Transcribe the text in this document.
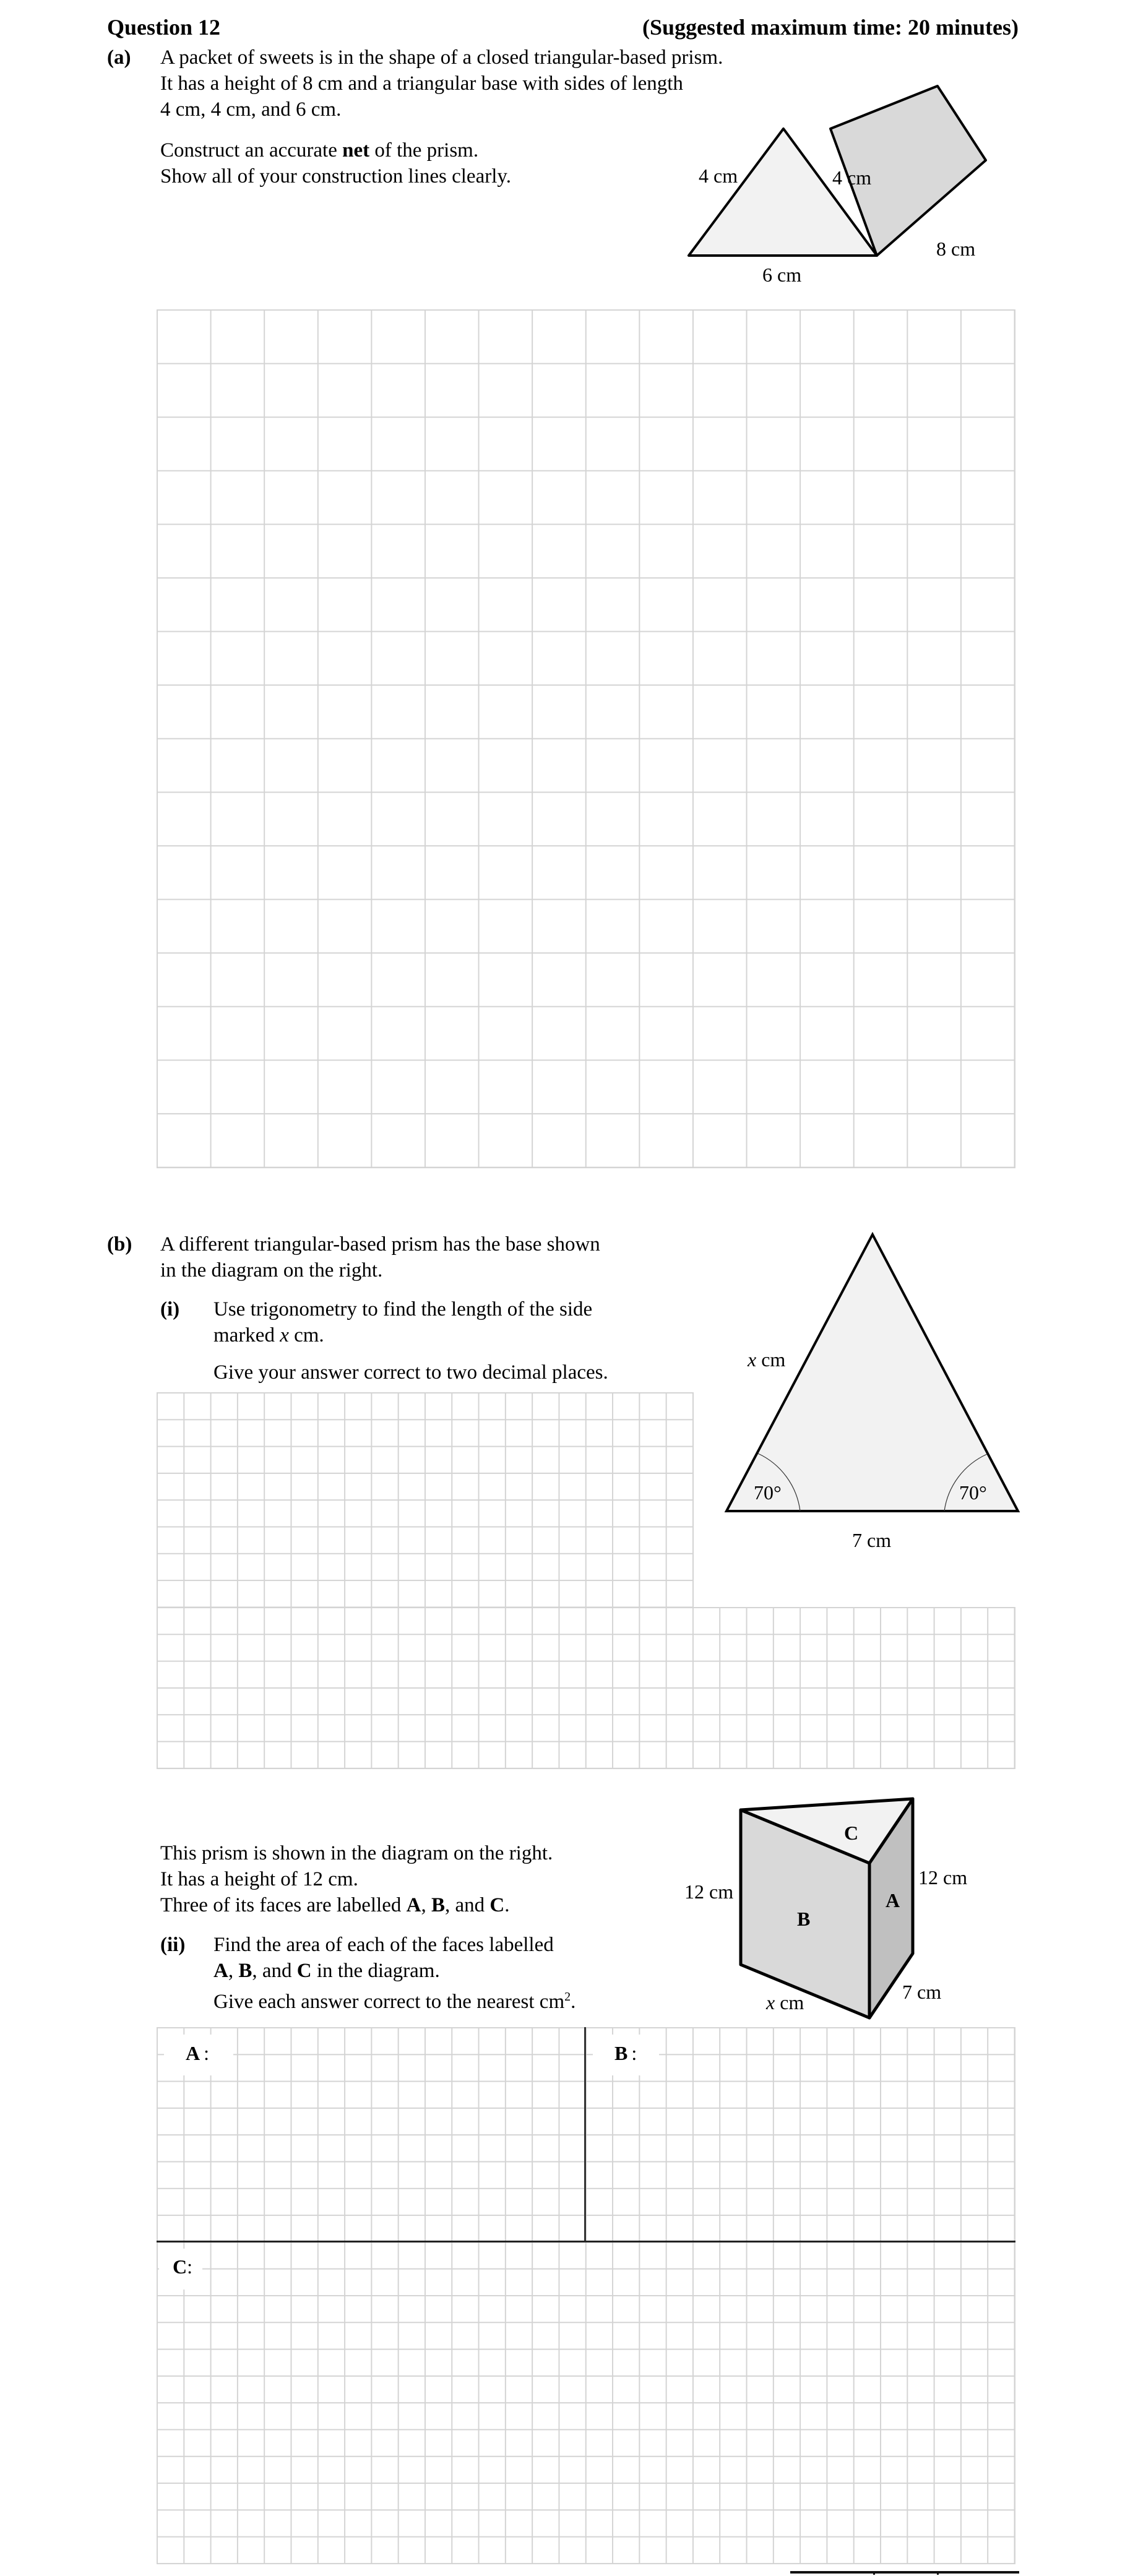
Question 12	(Suggested maximum time: 20 minutes)
(a) A packet of sweets is in the shape of a closed triangular-based prism.
It has a height of 8 cm and a triangular base with sides of length
4 cm, 4 cm, and 6 cm.
Construct an accurate net of the prism.
Show all of your construction lines clearly.	4 cm	4 cm
6 cm
8 cm
(b) A different triangular-based prism has the base shown
in the diagram on the right.
(i) Use trigonometry to find the length of the side
marked x cm.
Give your answer correct to two decimal places.
x cm
70°	70°
7 cm
This prism is shown in the diagram on the right.
It has a height of 12 cm.
Three of its faces are labelled A, B, and C.
(ii) Find the area of each of the faces labelled
A, B, and C in the diagram.
Give each answer correct to the nearest $cm^2$.
C
B
A
12 cm
12 cm
7 cm
x cm
A :	B :
C:
